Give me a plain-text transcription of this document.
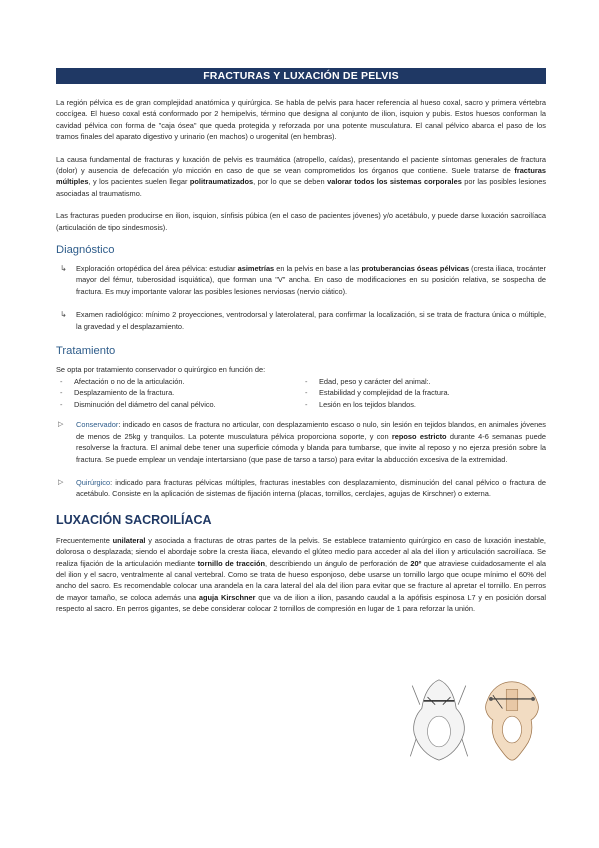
FRACTURAS Y LUXACIÓN DE PELVIS

La región pélvica es de gran complejidad anatómica y quirúrgica. Se habla de pelvis para hacer referencia al hueso coxal, sacro y primera vértebra coccígea. El hueso coxal está conformado por 2 hemipelvis, término que designa al conjunto de ilion, isquion y pubis. Estos huesos conforman la cavidad pélvica con forma de "caja ósea" que queda protegida y reforzada por una potente musculatura. El canal pélvico abarca el paso de los tramos finales del aparato digestivo y urinario (en machos) o urogenital (en hembras).

La causa fundamental de fracturas y luxación de pelvis es traumática (atropello, caídas), presentando el paciente síntomas generales de fractura (dolor) y ausencia de defecación y/o micción en caso de que se vean comprometidos los órganos que contiene. Suele tratarse de fracturas múltiples, y los pacientes suelen llegar politraumatizados, por lo que se deben valorar todos los sistemas corporales por las posibles lesiones asociadas al traumatismo.

Las fracturas pueden producirse en ilion, isquion, sínfisis púbica (en el caso de pacientes jóvenes) y/o acetábulo, y puede darse luxación sacroilíaca (articulación de tipo sindesmosis).

Diagnóstico
↳ Exploración ortopédica del área pélvica: estudiar asimetrías en la pelvis en base a las protuberancias óseas pélvicas (cresta iliaca, trocánter mayor del fémur, tuberosidad isquiática), que forman una "V" ancha. En caso de modificaciones en su posición relativa, se sospecha de fractura. Es muy importante valorar las posibles lesiones nerviosas (nervio ciático).
↳ Examen radiológico: mínimo 2 proyecciones, ventrodorsal y laterolateral, para confirmar la localización, si se trata de fractura única o múltiple, la gravedad y el desplazamiento.
Tratamiento

Se opta por tratamiento conservador o quirúrgico en función de:

- Afectación o no de la articulación.
- Desplazamiento de la fractura.
- Disminución del diámetro del canal pélvico.
- Edad, peso y carácter del animal:.
- Estabilidad y complejidad de la fractura.
- Lesión en los tejidos blandos.
▷ Conservador: indicado en casos de fractura no articular, con desplazamiento escaso o nulo, sin lesión en tejidos blandos, en animales jóvenes de menos de 25kg y tranquilos. La potente musculatura pélvica proporciona soporte, y con reposo estricto durante 4-6 semanas puede resolverse la fractura. El animal debe tener una superficie cómoda y blanda para tumbarse, que invite al reposo y no ejerza presión sobre la fractura. Se puede emplear un vendaje intertarsiano (que pase de tarso a tarso) para evitar la abducción excesiva de la extremidad.
▷ Quirúrgico: indicado para fracturas pélvicas múltiples, fracturas inestables con desplazamiento, disminución del canal pélvico o fractura de acetábulo. Consiste en la aplicación de sistemas de fijación interna (placas, tornillos, cerclajes, agujas de Kirschner) o externa.
LUXACIÓN SACROILÍACA

Frecuentemente unilateral y asociada a fracturas de otras partes de la pelvis. Se establece tratamiento quirúrgico en caso de luxación inestable, dolorosa o desplazada; siendo el abordaje sobre la cresta iliaca, elevando el glúteo medio para acceder al ala del ilion y articulación sacroilíaca. Se realiza fijación de la articulación mediante tornillo de tracción, describiendo un ángulo de perforación de 20º que atraviese cuidadosamente el ala del ilion y el sacro, ventralmente al canal vertebral. Como se trata de hueso esponjoso, debe usarse un tornillo largo que ocupe mínimo el 60% del ancho del sacro. Es recomendable colocar una arandela en la cara lateral del ala del ilion para evitar que se fracture al apretar el tornillo. En perros de mayor tamaño, se coloca además una aguja Kirschner que va de ilion a ilion, pasando caudal a la apófisis espinosa L7 y en posición dorsal respecto al sacro. En perros gigantes, se debe considerar colocar 2 tornillos de compresión en lugar de 1 para reforzar la unión.
